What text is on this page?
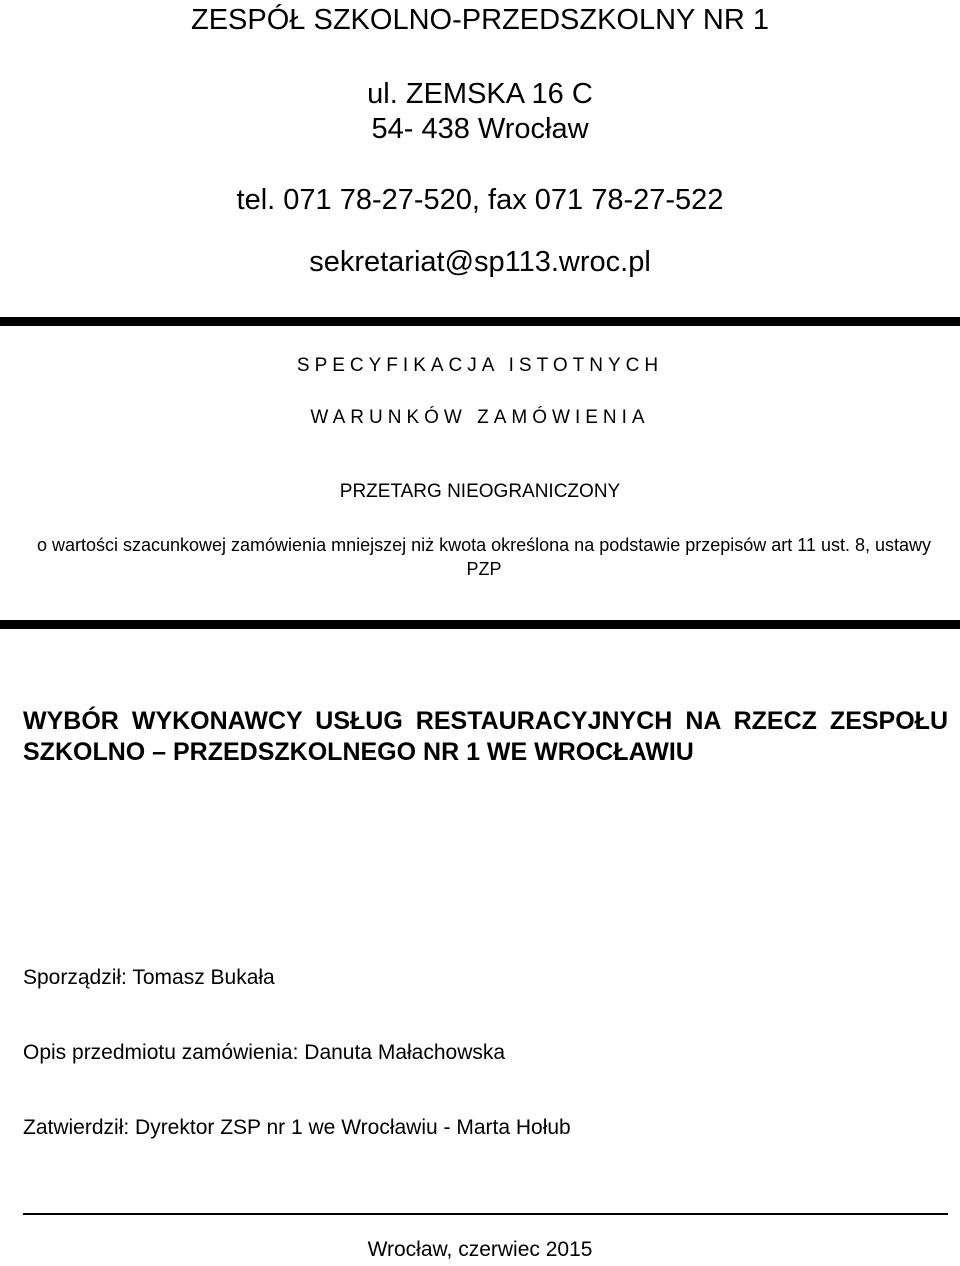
ZESPÓŁ SZKOLNO-PRZEDSZKOLNY NR 1
ul. ZEMSKA 16 C
54- 438 Wrocław
tel. 071 78-27-520, fax 071 78-27-522
sekretariat@sp113.wroc.pl
SPECYFIKACJA ISTOTNYCH
WARUNKÓW ZAMÓWIENIA
PRZETARG NIEOGRANICZONY
o wartości szacunkowej zamówienia mniejszej niż kwota określona na podstawie przepisów art 11 ust. 8, ustawy PZP
WYBÓR WYKONAWCY USŁUG RESTAURACYJNYCH NA RZECZ ZESPOŁU SZKOLNO – PRZEDSZKOLNEGO NR 1 WE WROCŁAWIU
Sporządził: Tomasz Bukała
Opis przedmiotu zamówienia: Danuta Małachowska
Zatwierdził: Dyrektor ZSP nr 1 we Wrocławiu - Marta Hołub
Wrocław, czerwiec 2015
